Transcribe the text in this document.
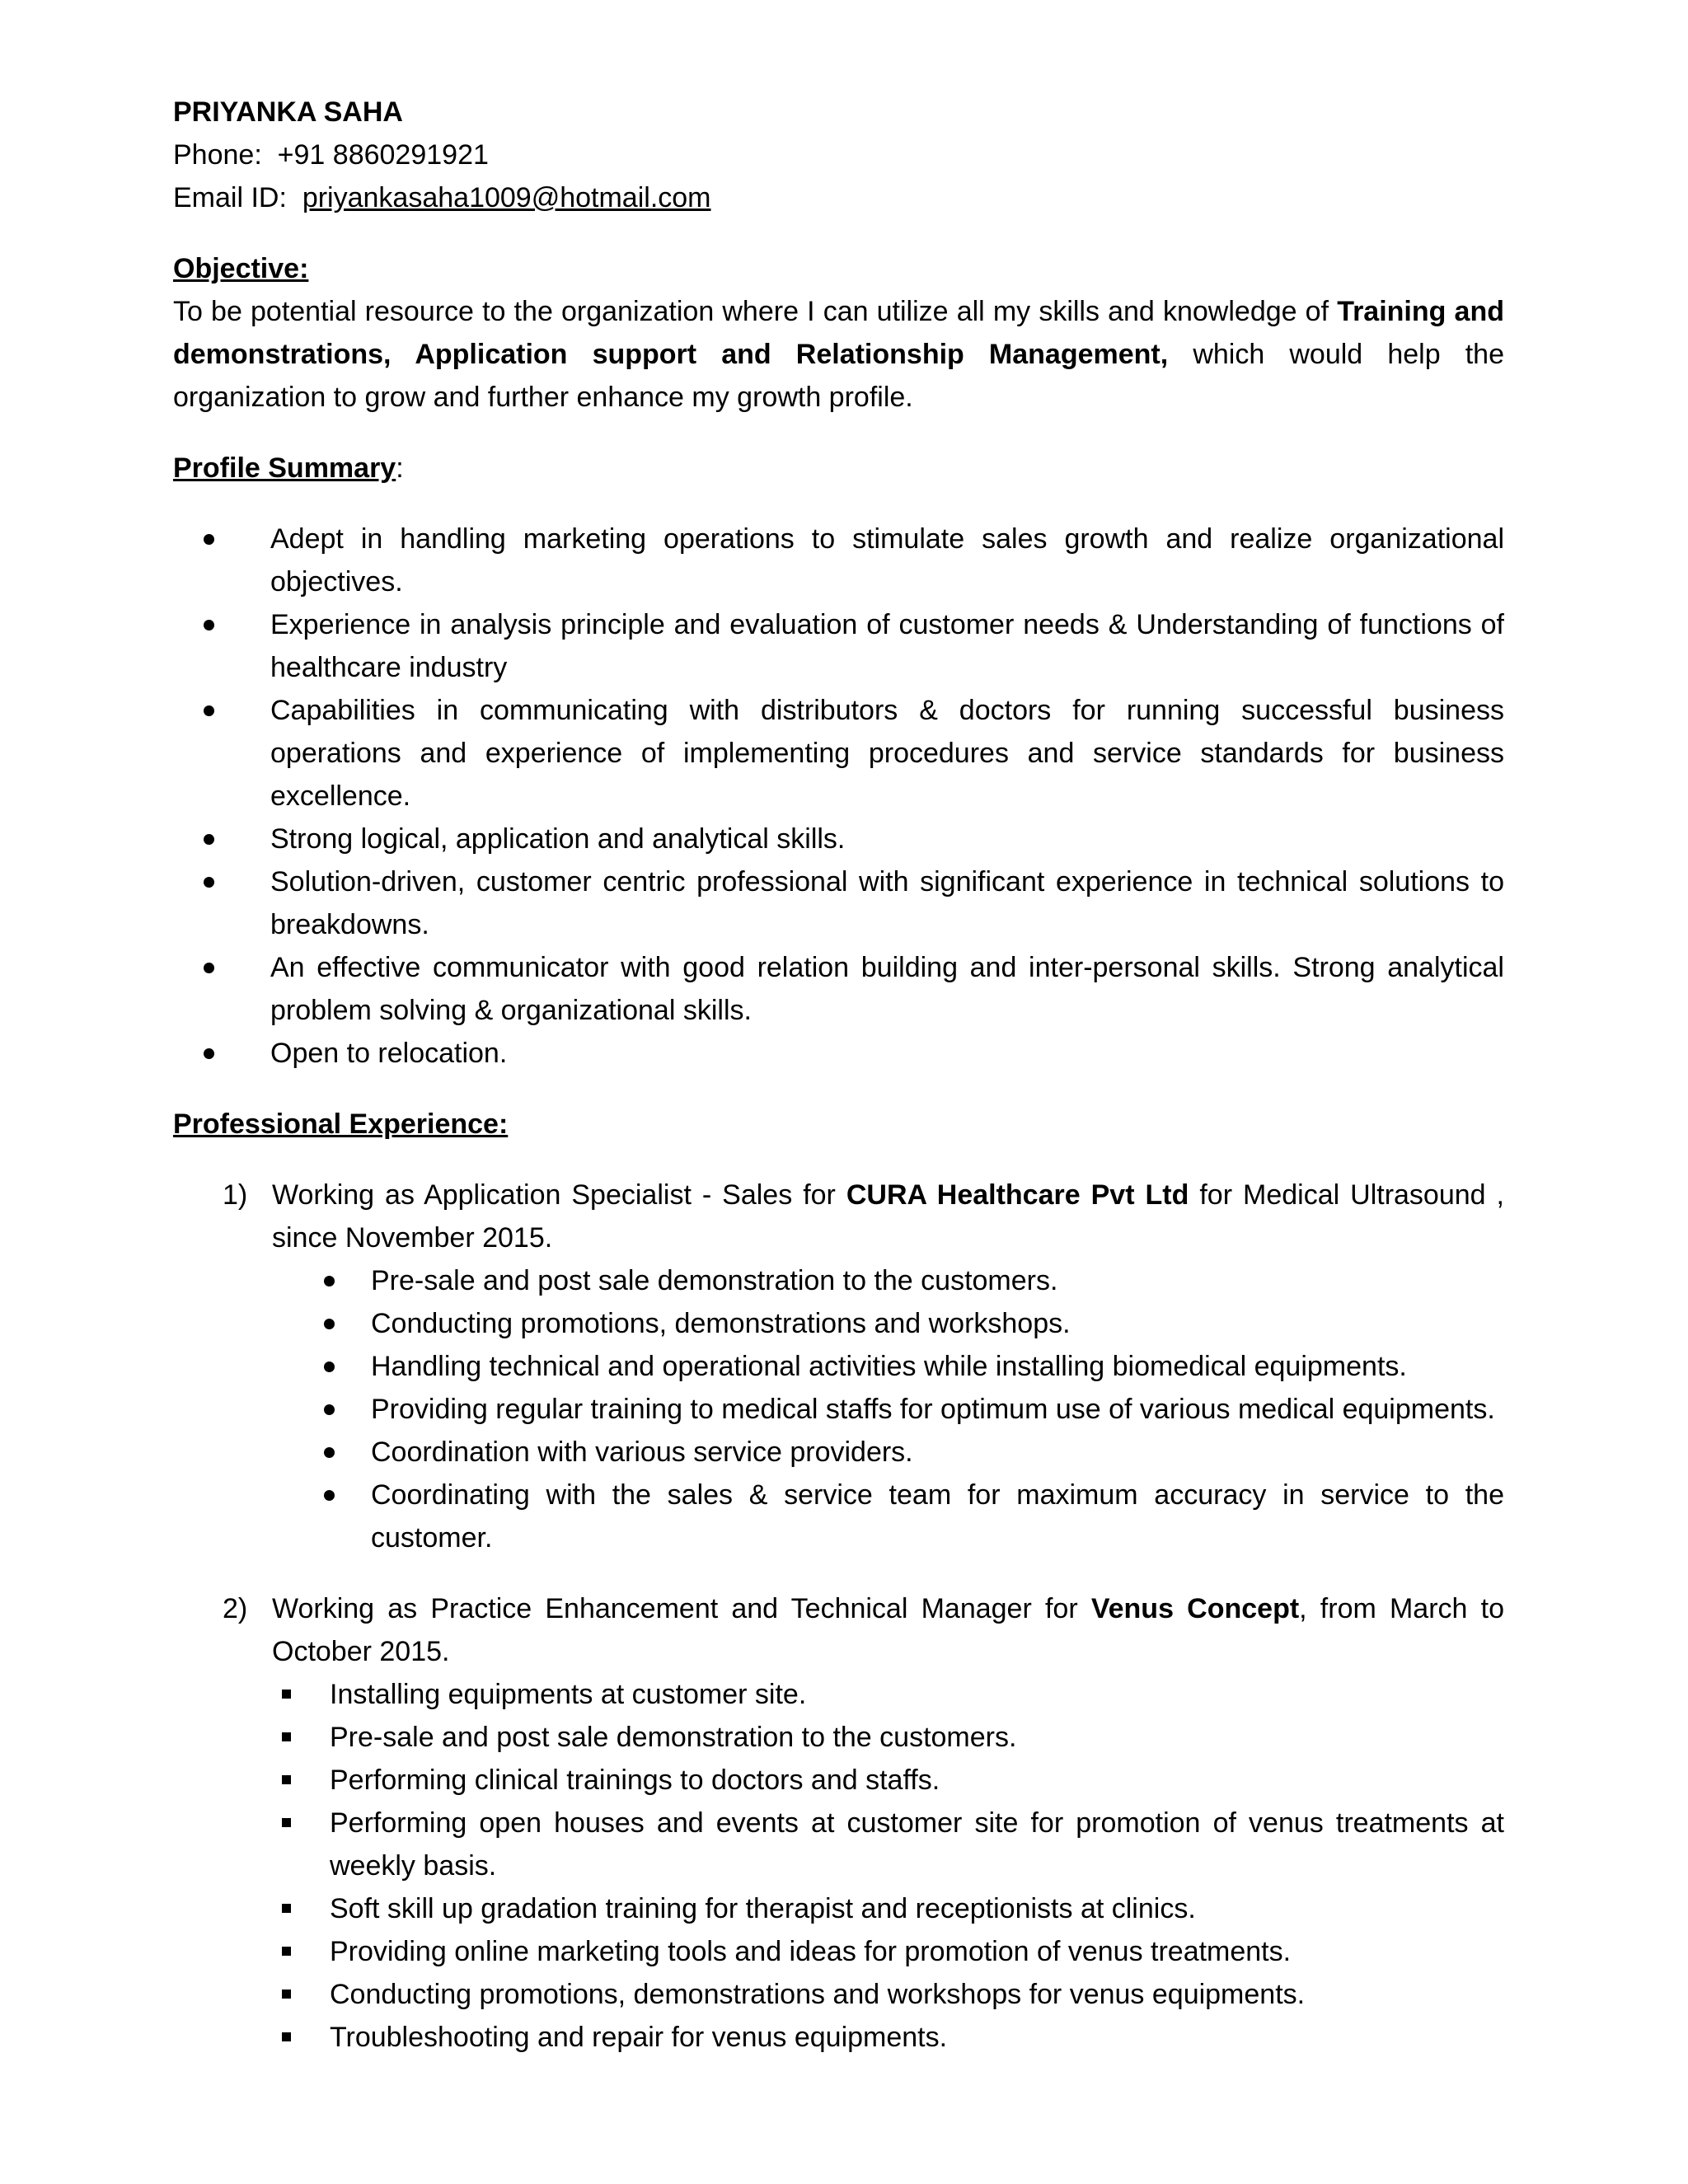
PRIYANKA SAHA

Phone: +91 8860291921

Email ID: priyankasaha1009@hotmail.com

Objective:

To be potential resource to the organization where I can utilize all my skills and knowledge of Training and demonstrations, Application support and Relationship Management, which would help the organization to grow and further enhance my growth profile.

Profile Summary:

Adept in handling marketing operations to stimulate sales growth and realize organizational objectives.
Experience in analysis principle and evaluation of customer needs & Understanding of functions of healthcare industry
Capabilities in communicating with distributors & doctors for running successful business operations and experience of implementing procedures and service standards for business excellence.
Strong logical, application and analytical skills.
Solution-driven, customer centric professional with significant experience in technical solutions to breakdowns.
An effective communicator with good relation building and inter-personal skills. Strong analytical problem solving & organizational skills.
Open to relocation.

Professional Experience:

1) Working as Application Specialist - Sales for CURA Healthcare Pvt Ltd for Medical Ultrasound , since November 2015.

Pre-sale and post sale demonstration to the customers.
Conducting promotions, demonstrations and workshops.
Handling technical and operational activities while installing biomedical equipments.
Providing regular training to medical staffs for optimum use of various medical equipments.
Coordination with various service providers.
Coordinating with the sales & service team for maximum accuracy in service to the customer.
2) Working as Practice Enhancement and Technical Manager for Venus Concept, from March to October 2015.

Installing equipments at customer site.
Pre-sale and post sale demonstration to the customers.
Performing clinical trainings to doctors and staffs.
Performing open houses and events at customer site for promotion of venus treatments at weekly basis.
Soft skill up gradation training for therapist and receptionists at clinics.
Providing online marketing tools and ideas for promotion of venus treatments.
Conducting promotions, demonstrations and workshops for venus equipments.
Troubleshooting and repair for venus equipments.
